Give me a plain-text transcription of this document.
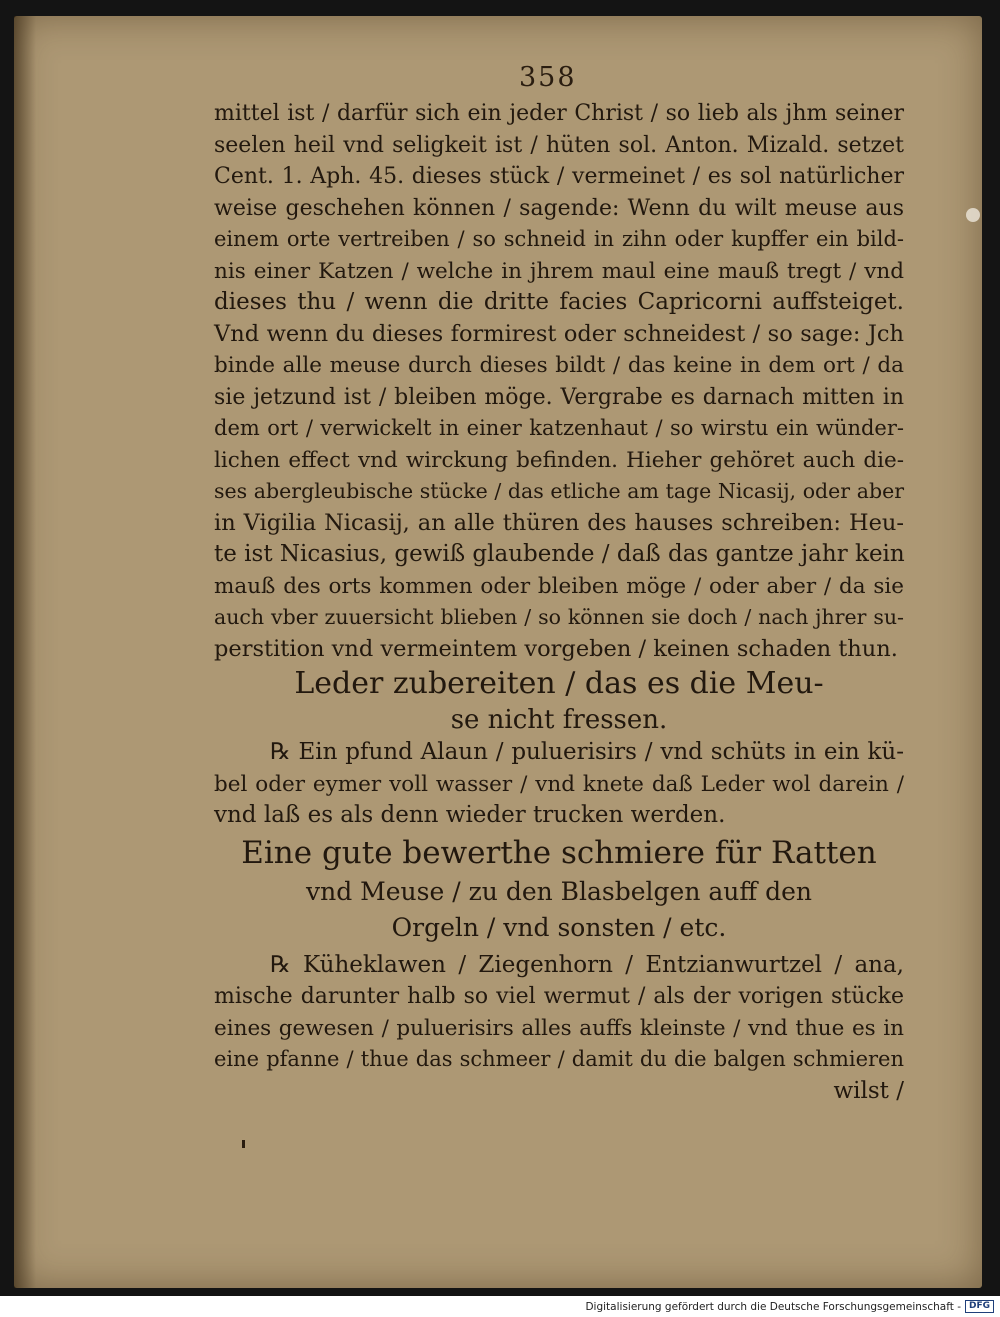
358
mittel ist / darfür sich ein jeder Christ / so lieb als jhm seiner
seelen heil vnd seligkeit ist / hüten sol. Anton. Mizald. setzet
Cent. 1. Aph. 45. dieses stück / vermeinet / es sol natürlicher
weise geschehen können / sagende: Wenn du wilt meuse aus
einem orte vertreiben / so schneid in zihn oder kupffer ein bild-
nis einer Katzen / welche in jhrem maul eine mauß tregt / vnd
dieses thu / wenn die dritte facies Capricorni auffsteiget.
Vnd wenn du dieses formirest oder schneidest / so sage: Jch
binde alle meuse durch dieses bildt / das keine in dem ort / da
sie jetzund ist / bleiben möge. Vergrabe es darnach mitten in
dem ort / verwickelt in einer katzenhaut / so wirstu ein wünder-
lichen effect vnd wirckung befinden. Hieher gehöret auch die-
ses abergleubische stücke / das etliche am tage Nicasij, oder aber
in Vigilia Nicasij, an alle thüren des hauses schreiben: Heu-
te ist Nicasius, gewiß glaubende / daß das gantze jahr kein
mauß des orts kommen oder bleiben möge / oder aber / da sie
auch vber zuuersicht blieben / so können sie doch / nach jhrer su-
perstition vnd vermeintem vorgeben / keinen schaden thun.
Leder zubereiten / das es die Meu-
se nicht fressen.
℞ Ein pfund Alaun / puluerisirs / vnd schüts in ein kü-
bel oder eymer voll wasser / vnd knete daß Leder wol darein /
vnd laß es als denn wieder trucken werden.
Eine gute bewerthe schmiere für Ratten
vnd Meuse / zu den Blasbelgen auff den
Orgeln / vnd sonsten / etc.
℞ Küheklawen / Ziegenhorn / Entzianwurtzel / ana,
mische darunter halb so viel wermut / als der vorigen stücke
eines gewesen / puluerisirs alles auffs kleinste / vnd thue es in
eine pfanne / thue das schmeer / damit du die balgen schmieren
wilst /
Digitalisierung gefördert durch die Deutsche Forschungsgemeinschaft - DFG
